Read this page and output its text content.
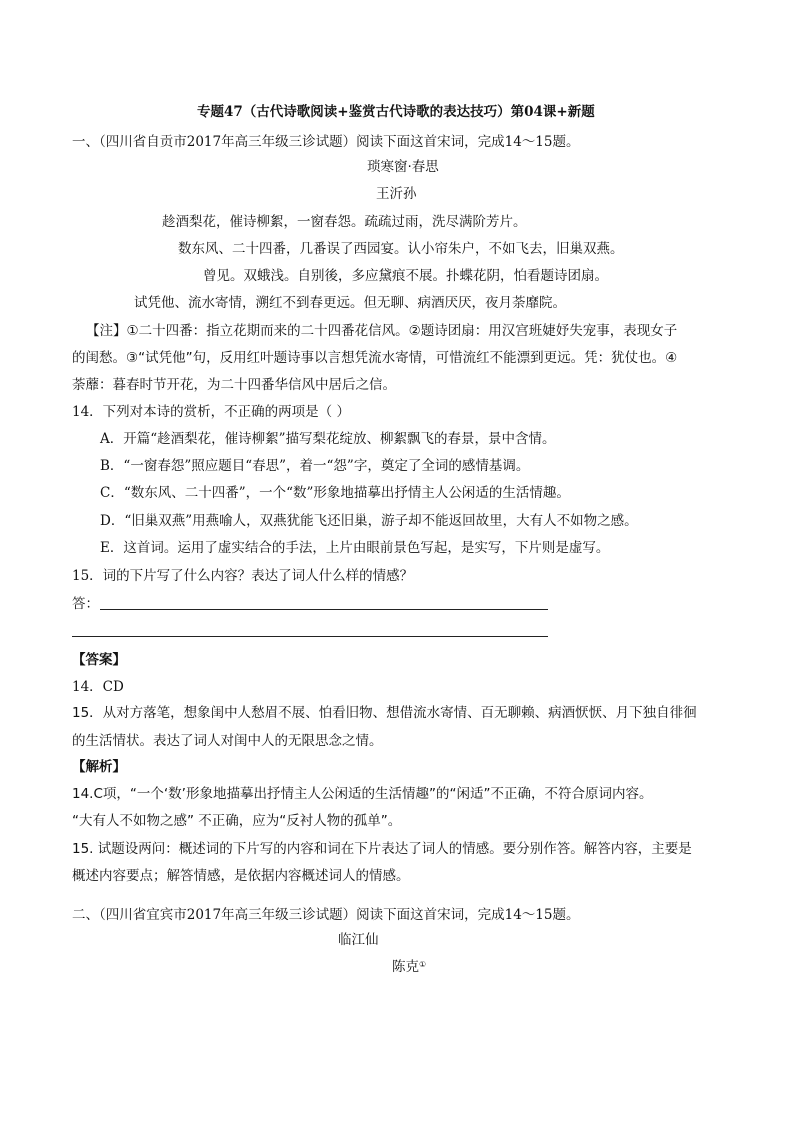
专题47（古代诗歌阅读+鉴赏古代诗歌的表达技巧）第04课+新题
一、（四川省自贡市2017年高三年级三诊试题）阅读下面这首宋词，完成14～15题。
琐寒窗·春思
王沂孙
趁酒梨花，催诗柳絮，一窗春怨。疏疏过雨，洗尽满阶芳片。
数东风、二十四番，几番误了西园宴。认小帘朱户，不如飞去，旧巢双燕。
曾见。双蛾浅。自别後，多应黛痕不展。扑蝶花阴，怕看题诗团扇。
试凭他、流水寄情，溯红不到春更远。但无聊、病酒厌厌，夜月荼靡院。
【注】①二十四番：指立花期而来的二十四番花信风。②题诗团扇：用汉宫班婕妤失宠事，表现女子
的闺愁。③“试凭他”句，反用红叶题诗事以言想凭流水寄情，可惜流红不能漂到更远。凭：犹仗也。④
荼蘼：暮春时节开花，为二十四番华信风中居后之信。
14．下列对本诗的赏析，不正确的两项是（ ）
A．开篇“趁酒梨花，催诗柳絮”描写梨花绽放、柳絮飘飞的春景，景中含情。
B．“一窗春怨”照应题目“春思”，着一“怨”字，奠定了全词的感情基调。
C．“数东风、二十四番”，一个“数”形象地描摹出抒情主人公闲适的生活情趣。
D．“旧巢双燕”用燕喻人，双燕犹能飞还旧巢，游子却不能返回故里，大有人不如物之感。
E．这首词。运用了虚实结合的手法，上片由眼前景色写起，是实写，下片则是虚写。
15．词的下片写了什么内容？表达了词人什么样的情感？
答：
【答案】
14．CD
15．从对方落笔，想象闺中人愁眉不展、怕看旧物、想借流水寄情、百无聊赖、病酒恹恹、月下独自徘徊
的生活情状。表达了词人对闺中人的无限思念之情。
【解析】
14.C项，“一个‘数’形象地描摹出抒情主人公闲适的生活情趣”的“闲适”不正确，不符合原词内容。
“大有人不如物之感” 不正确，应为“反衬人物的孤单”。
15. 试题设两问：概述词的下片写的内容和词在下片表达了词人的情感。要分别作答。解答内容，主要是
概述内容要点；解答情感，是依据内容概述词人的情感。
二、（四川省宜宾市2017年高三年级三诊试题）阅读下面这首宋词，完成14～15题。
临江仙
陈克①
